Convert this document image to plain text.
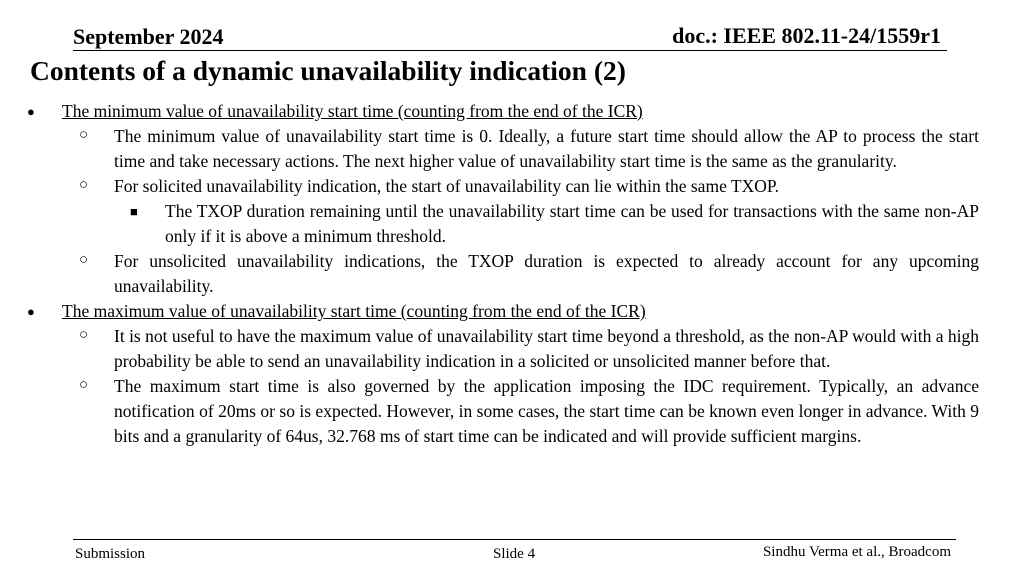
September 2024	doc.: IEEE 802.11-24/1559r1
Contents of a dynamic unavailability indication (2)
● The minimum value of unavailability start time (counting from the end of the ICR)
○ The minimum value of unavailability start time is 0. Ideally, a future start time should allow the AP to process the start time and take necessary actions. The next higher value of unavailability start time is the same as the granularity.
○ For solicited unavailability indication, the start of unavailability can lie within the same TXOP.
■ The TXOP duration remaining until the unavailability start time can be used for transactions with the same non-AP only if it is above a minimum threshold.
○ For unsolicited unavailability indications, the TXOP duration is expected to already account for any upcoming unavailability.
● The maximum value of unavailability start time (counting from the end of the ICR)
○ It is not useful to have the maximum value of unavailability start time beyond a threshold, as the non-AP would with a high probability be able to send an unavailability indication in a solicited or unsolicited manner before that.
○ The maximum start time is also governed by the application imposing the IDC requirement. Typically, an advance notification of 20ms or so is expected. However, in some cases, the start time can be known even longer in advance. With 9 bits and a granularity of 64us, 32.768 ms of start time can be indicated and will provide sufficient margins.
Submission	Slide 4	Sindhu Verma et al., Broadcom
